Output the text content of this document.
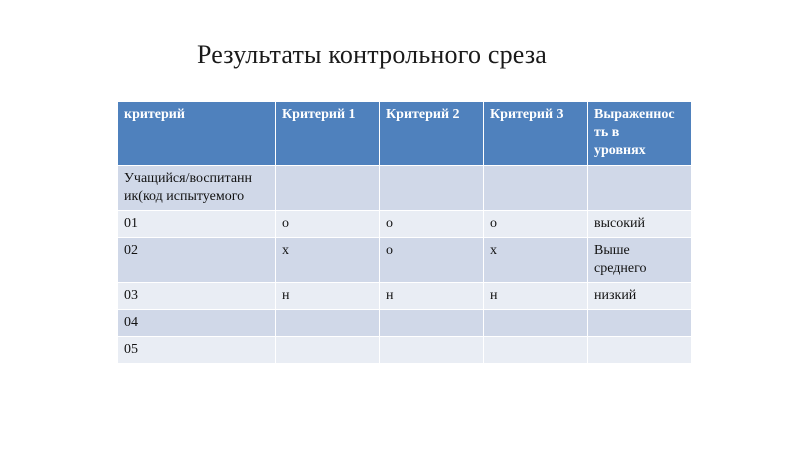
Результаты контрольного среза
критерий	Критерий 1	Критерий 2	Критерий 3	Выраженнос
ть в
уровнях

Учащийся/воспитанн
ик(код испытуемого				

01	о	о	о	высокий
02	х	о	х	Выше
среднего

03	н	н	н	низкий
04				
05				
